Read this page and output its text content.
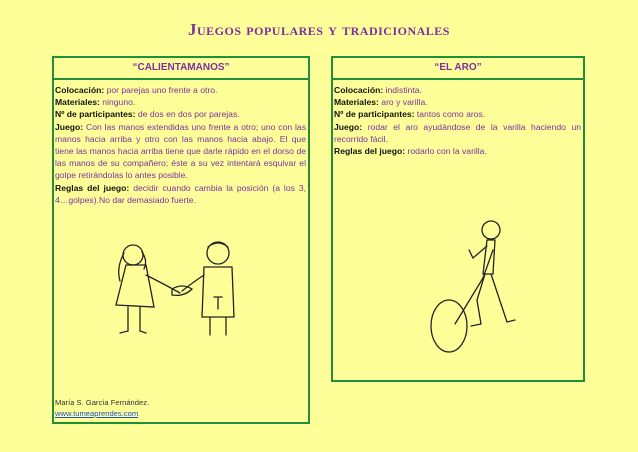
Juegos populares y tradicionales
“CALIENTAMANOS”

Colocación: por parejas uno frente a otro.

Materiales: ninguno.

Nº de participantes: de dos en dos por parejas.

Juego: Con las manos extendidas uno frente a otro; uno con las manos hacia arriba y otro con las manos hacia abajo. El que tiene las manos hacia arriba tiene que darle rápido en el dorso de las manos de su compañero; éste a su vez intentará esquivar el golpe retirándolas lo antes posible.

Reglas del juego: decidir cuando cambia la posición (a los 3, 4…golpes).No dar demasiado fuerte.

María S. García Fernández.
www.tumeaprendes.com
“EL ARO”

Colocación: indistinta.

Materiales: aro y varilla.

Nº de participantes: tantos como aros.

Juego: rodar el aro ayudándose de la varilla haciendo un recorrido fácil.

Reglas del juego: rodarlo con la varilla.
